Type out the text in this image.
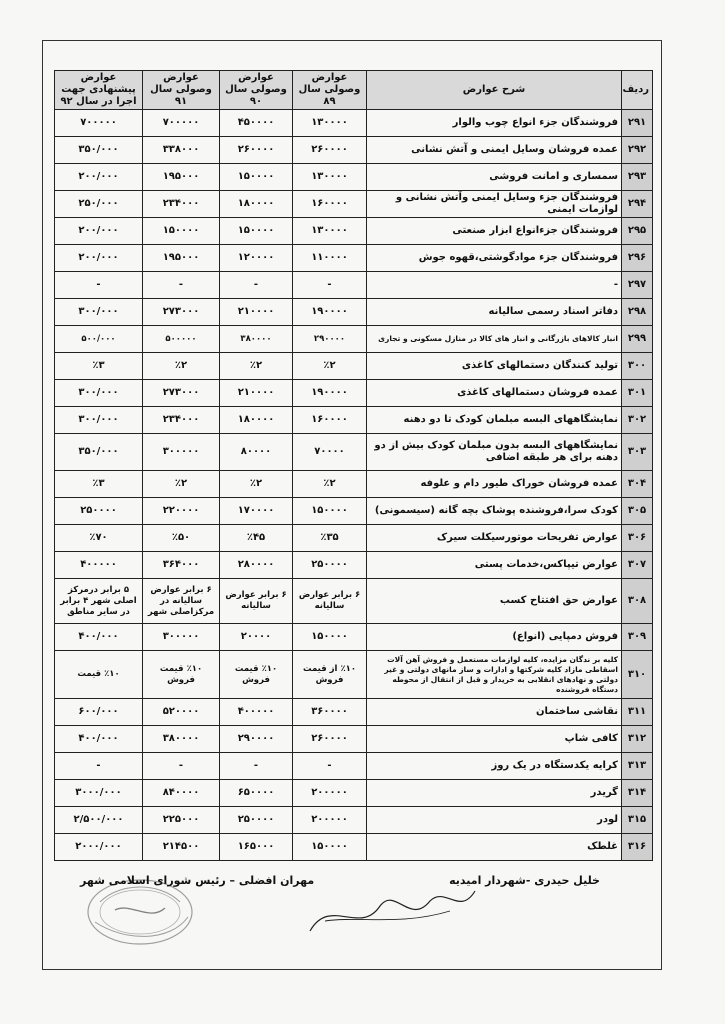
ردیف	شرح عوارض	عوارض وصولی سال ۸۹	عوارض وصولی سال ۹۰	عوارض وصولی سال ۹۱	عوارض پیشنهادی جهت اجرا در سال ۹۲
۲۹۱	فروشندگان جزء انواع چوب والوار	۱۳۰۰۰۰	۴۵۰۰۰۰	۷۰۰۰۰۰	۷۰۰۰۰۰
۲۹۲	عمده فروشان وسایل ایمنی و آتش نشانی	۲۶۰۰۰۰	۲۶۰۰۰۰	۳۳۸۰۰۰	۳۵۰/۰۰۰
۲۹۳	سمساری و امانت فروشی	۱۳۰۰۰۰	۱۵۰۰۰۰	۱۹۵۰۰۰	۲۰۰/۰۰۰
۲۹۴	فروشندگان جزء وسایل ایمنی وآتش نشانی و لوازمات ایمنی	۱۶۰۰۰۰	۱۸۰۰۰۰	۲۳۴۰۰۰	۲۵۰/۰۰۰
۲۹۵	فروشندگان جزءانواع ابزار صنعتی	۱۳۰۰۰۰	۱۵۰۰۰۰	۱۵۰۰۰۰	۲۰۰/۰۰۰
۲۹۶	فروشندگان جزء موادگوشتی،قهوه جوش	۱۱۰۰۰۰	۱۲۰۰۰۰	۱۹۵۰۰۰	۲۰۰/۰۰۰
۲۹۷	-	-	-	-	-
۲۹۸	دفاتر اسناد رسمی سالیانه	۱۹۰۰۰۰	۲۱۰۰۰۰	۲۷۳۰۰۰	۳۰۰/۰۰۰
۲۹۹	انبار کالاهای بازرگانی و انبار های کالا در منازل مسکونی و تجاری	۲۹۰۰۰۰	۳۸۰۰۰۰	۵۰۰۰۰۰	۵۰۰/۰۰۰
۳۰۰	تولید کنندگان دستمالهای کاغذی	٪۲	٪۲	٪۲	٪۳
۳۰۱	عمده فروشان دستمالهای کاغذی	۱۹۰۰۰۰	۲۱۰۰۰۰	۲۷۳۰۰۰	۳۰۰/۰۰۰
۳۰۲	نمایشگاههای البسه مبلمان کودک تا دو دهنه	۱۶۰۰۰۰	۱۸۰۰۰۰	۲۳۴۰۰۰	۳۰۰/۰۰۰
۳۰۳	نمایشگاههای البسه بدون مبلمان کودک بیش از دو دهنه برای هر طبقه اضافی	۷۰۰۰۰	۸۰۰۰۰	۳۰۰۰۰۰	۳۵۰/۰۰۰
۳۰۴	عمده فروشان خوراک طیور دام و علوفه	٪۲	٪۲	٪۲	٪۳
۳۰۵	کودک سرا،فروشنده پوشاک بچه گانه (سیسمونی)	۱۵۰۰۰۰	۱۷۰۰۰۰	۲۲۰۰۰۰	۲۵۰۰۰۰
۳۰۶	عوارض تفریحات موتورسیکلت سیرک	٪۳۵	٪۴۵	٪۵۰	٪۷۰
۳۰۷	عوارض تیپاکس،خدمات پستی	۲۵۰۰۰۰	۲۸۰۰۰۰	۳۶۴۰۰۰	۴۰۰۰۰۰
۳۰۸	عوارض حق افتتاح کسب	۶ برابر عوارض سالیانه	۶ برابر عوارض سالیانه	۶ برابر عوارض سالیانه در مرکزاصلی شهر	۵ برابر درمرکز اصلی شهر ۴ برابر در سایر مناطق
۳۰۹	فروش دمپایی (انواع)	۱۵۰۰۰۰	۲۰۰۰۰	۳۰۰۰۰۰	۴۰۰/۰۰۰
۳۱۰	کلیه بر ندگان مزایده، کلیه لوازمات مستعمل و فروش آهن آلات اسقاطی مازاد کلیه شرکتها و ادارات و ساز مانهای دولتی و غیر دولتی و نهادهای انقلابی به خریدار و قبل از انتقال از محوطه دستگاه فروشنده	٪۱۰ از قیمت فروش	٪۱۰ قیمت فروش	٪۱۰ قیمت فروش	٪۱۰ قیمت
۳۱۱	نقاشی ساختمان	۳۶۰۰۰۰	۴۰۰۰۰۰	۵۲۰۰۰۰	۶۰۰/۰۰۰
۳۱۲	کافی شاپ	۲۶۰۰۰۰	۲۹۰۰۰۰	۳۸۰۰۰۰	۴۰۰/۰۰۰
۳۱۳	کرایه یکدستگاه در یک روز	-	-	-	-
۳۱۴	گریدر	۲۰۰۰۰۰	۶۵۰۰۰۰	۸۴۰۰۰۰	۳۰۰۰/۰۰۰
۳۱۵	لودر	۲۰۰۰۰۰	۲۵۰۰۰۰	۲۲۵۰۰۰	۲/۵۰۰/۰۰۰
۳۱۶	غلطک	۱۵۰۰۰۰	۱۶۵۰۰۰	۲۱۴۵۰۰	۲۰۰۰/۰۰۰
خلیل حیدری -شهردار امیدیه
مهران افضلی – رئیس شورای اسلامی شهر
